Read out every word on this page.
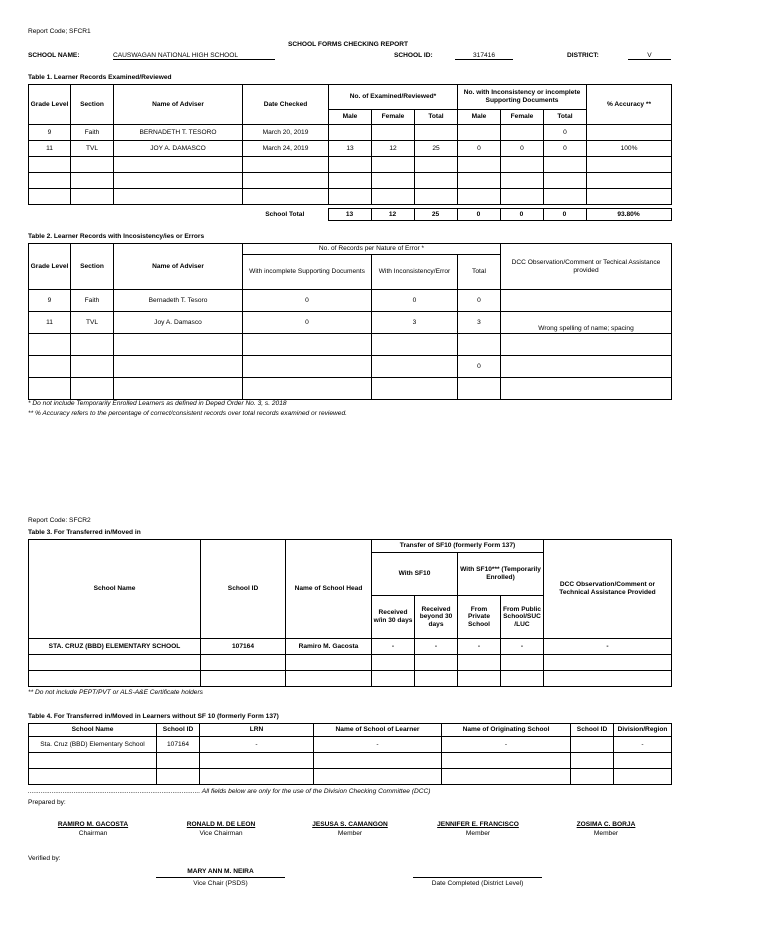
Report Code; SFCR1
SCHOOL FORMS CHECKING REPORT
SCHOOL NAME:	CAUSWAGAN NATIONAL HIGH SCHOOL	SCHOOL ID:	317416	DISTRICT:	V
Table 1. Learner Records Examined/Reviewed
Grade Level	Section	Name of Adviser	Date Checked	No. of Examined/Reviewed*			No. with Inconsistency or incomplete Supporting Documents			% Accuracy **
				Male	Female	Total	Male	Female	Total	
9	Faith	BERNADETH T. TESORO	March 20, 2019						0	
11	TVL	JOY A. DAMASCO	March 24, 2019	13	12	25	0	0	0	100%

School Total	13	12	25	0	0	0	93.80%
Table 2. Learner Records with Incosistency/ies or Errors
Grade Level	Section	Name of Adviser	No. of Records per Nature of Error *			DCC Observation/Comment or Techical Assistance provided
			With incomplete Supporting Documents	With Inconsistency/Error	Total	
9	Faith	Bernadeth T. Tesoro	0	0	0	
11	TVL	Joy A. Damasco	0	3	3	Wrong spelling of name; spacing

					0	

* Do not include Temporarily Enrolled Learners as defined in Deped Order No. 3, s. 2018
** % Accuracy refers to the percentage of correct/consistent records over total records examined or reviewed.
Report Code: SFCR2
Table 3. For Transferred in/Moved in
School Name	School ID	Name of School Head	Transfer of SF10 (formerly Form 137)				DCC Observation/Comment or Technical Assistance Provided
			With SF10		With SF10*** (Temporarily Enrolled)		
			Received w/in 30 days	Received beyond 30 days	From Private School	From Public School/SUC /LUC	
STA. CRUZ (BBD) ELEMENTARY SCHOOL	107164	Ramiro M. Gacosta	-	-	-	-	-

** Do not include PEPT/PVT or ALS-A&E Certificate holders
Table 4. For Transferred in/Moved in Learners without SF 10 (formerly Form 137)
School Name	School ID	LRN	Name of School of Learner	Name of Originating School	School ID	Division/Region
Sta. Cruz (BBD) Elementary School	107164	-	-	-		-

.............................................................................................. All fields below are only for the use of the Division Checking Committee (DCC)
Prepared by:
RAMIRO M. GACOSTA
Chairman
RONALD M. DE LEON
Vice Chairman
JESUSA S. CAMANGON
Member
JENNIFER E. FRANCISCO
Member
ZOSIMA C. BORJA
Member
Verified by:
MARY ANN M. NEIRA
Vice Chair (PSDS)	Date Completed (District Level)
